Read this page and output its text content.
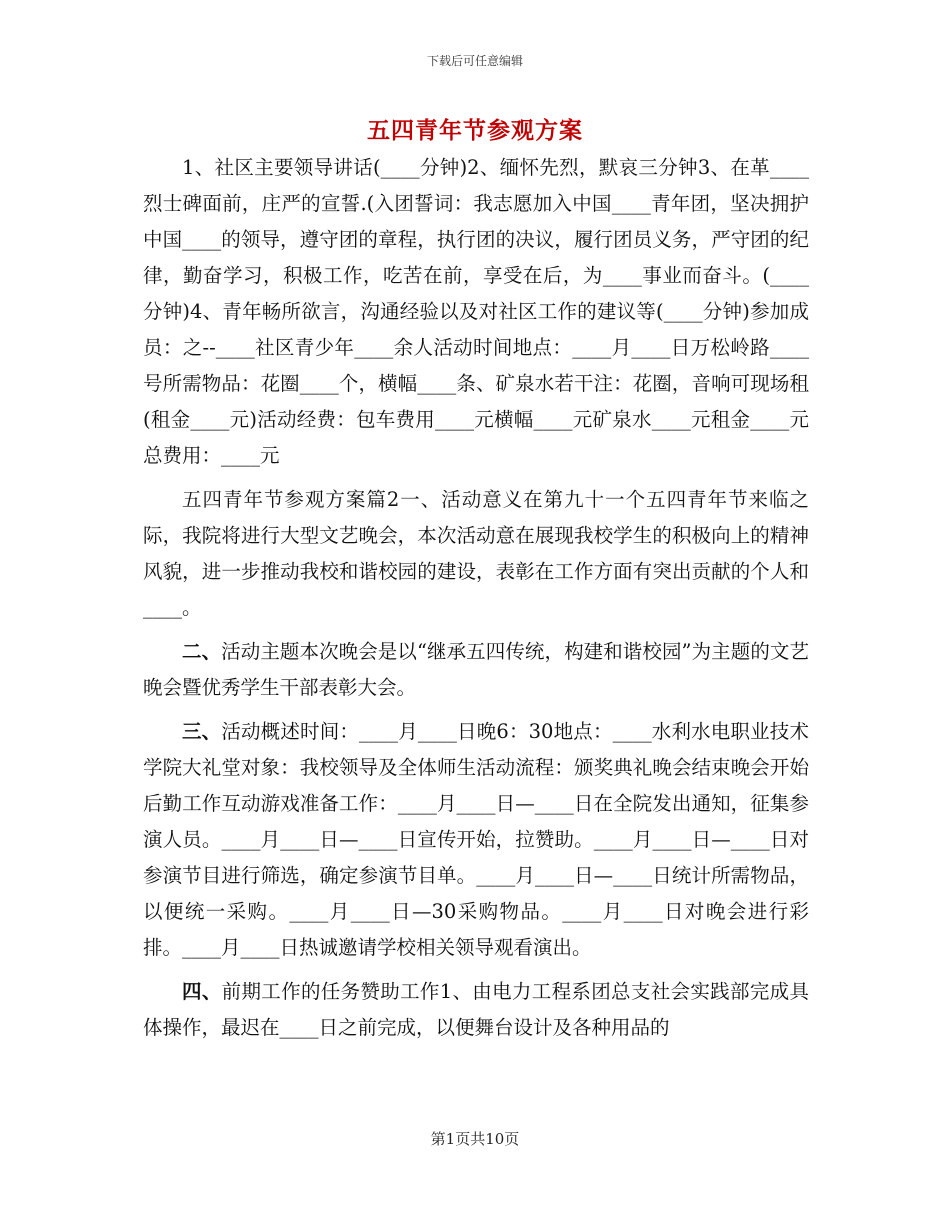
下载后可任意编辑
五四青年节参观方案

1、社区主要领导讲话(____分钟)2、缅怀先烈，默哀三分钟3、在革____烈士碑面前，庄严的宣誓.(入团誓词：我志愿加入中国____青年团，坚决拥护中国____的领导，遵守团的章程，执行团的决议，履行团员义务，严守团的纪律，勤奋学习，积极工作，吃苦在前，享受在后，为____事业而奋斗。(____分钟)4、青年畅所欲言，沟通经验以及对社区工作的建议等(____分钟)参加成员：之--____社区青少年____余人活动时间地点：____月____日万松岭路____号所需物品：花圈____个，横幅____条、矿泉水若干注：花圈，音响可现场租(租金____元)活动经费：包车费用____元横幅____元矿泉水____元租金____元总费用：____元

五四青年节参观方案篇2一、活动意义在第九十一个五四青年节来临之际，我院将进行大型文艺晚会，本次活动意在展现我校学生的积极向上的精神风貌，进一步推动我校和谐校园的建设，表彰在工作方面有突出贡献的个人和____。

二、活动主题本次晚会是以“继承五四传统，构建和谐校园”为主题的文艺晚会暨优秀学生干部表彰大会。

三、活动概述时间：____月____日晚6：30地点：____水利水电职业技术学院大礼堂对象：我校领导及全体师生活动流程：颁奖典礼晚会结束晚会开始后勤工作互动游戏准备工作：____月____日—____日在全院发出通知，征集参演人员。____月____日—____日宣传开始，拉赞助。____月____日—____日对参演节目进行筛选，确定参演节目单。____月____日—____日统计所需物品，以便统一采购。____月____日—30采购物品。____月____日对晚会进行彩排。____月____日热诚邀请学校相关领导观看演出。

四、前期工作的任务赞助工作1、由电力工程系团总支社会实践部完成具体操作，最迟在____日之前完成，以便舞台设计及各种用品的

第1页共10页
